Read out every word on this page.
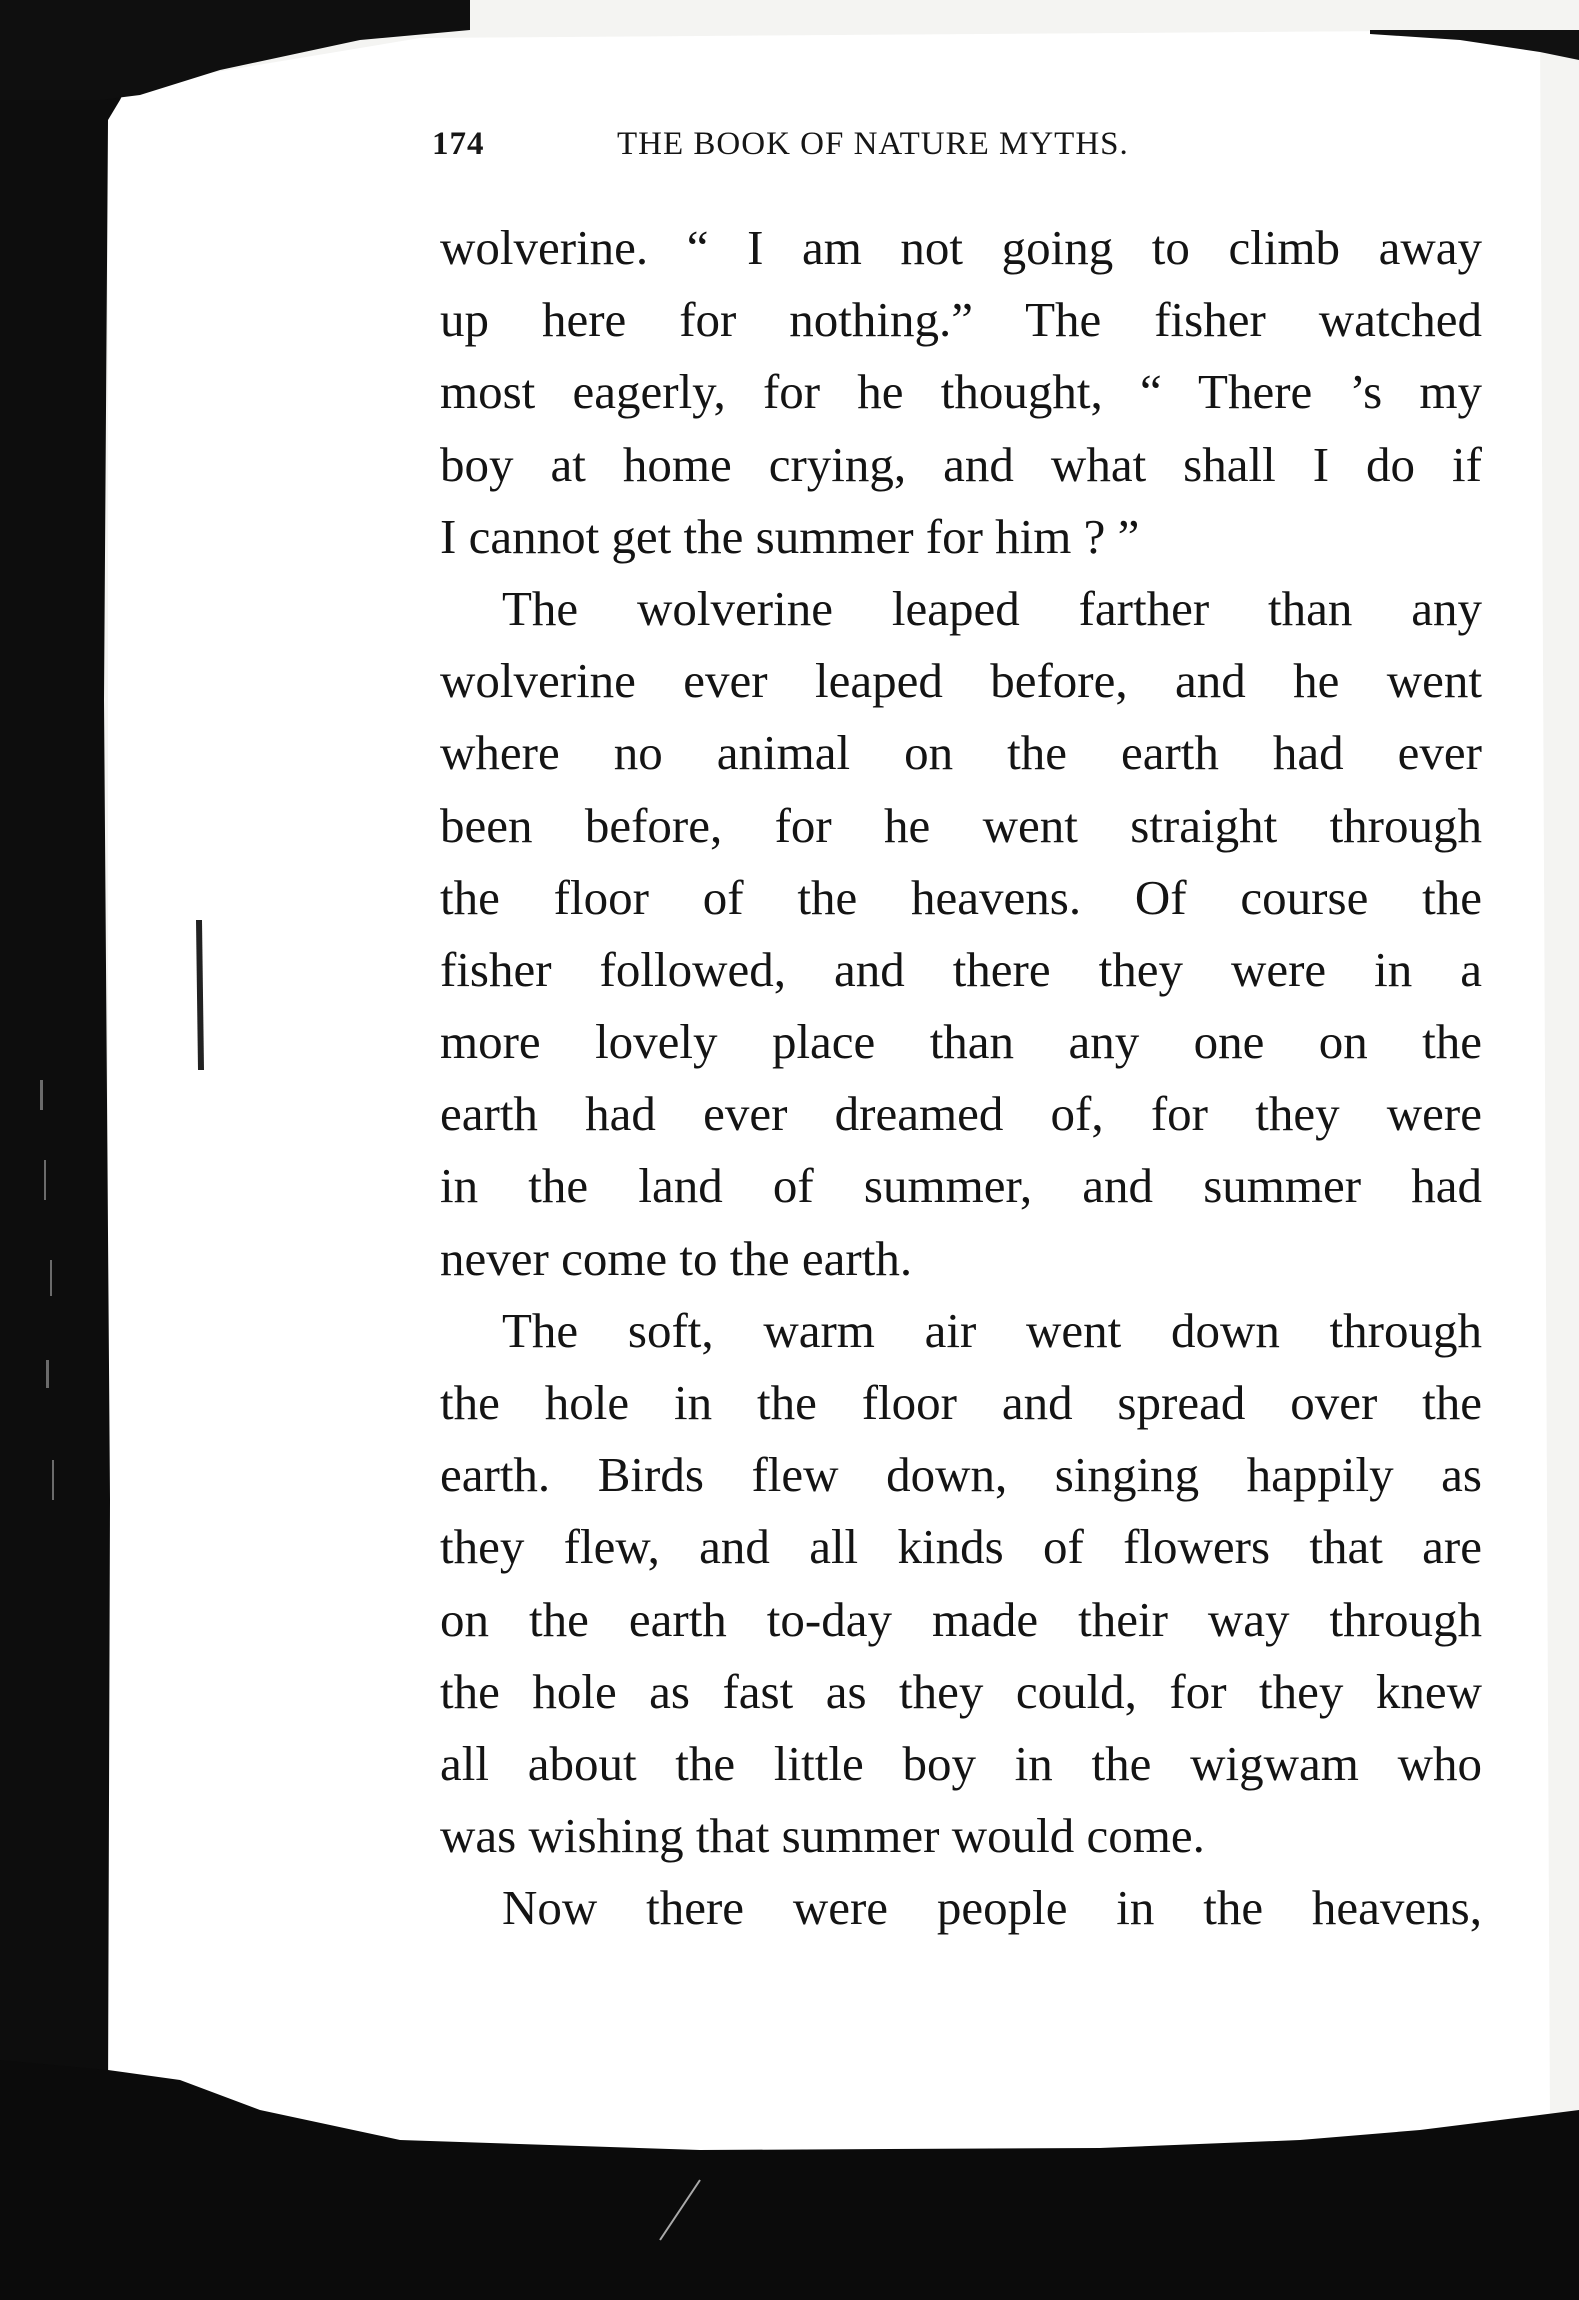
174	THE BOOK OF NATURE MYTHS.
wolverine. “ I am not going to climb away
up here for nothing.” The fisher watched
most eagerly, for he thought, “ There ’s my
boy at home crying, and what shall I do if
I cannot get the summer for him ? ”
The wolverine leaped farther than any
wolverine ever leaped before, and he went
where no animal on the earth had ever
been before, for he went straight through
the floor of the heavens. Of course the
fisher followed, and there they were in a
more lovely place than any one on the
earth had ever dreamed of, for they were
in the land of summer, and summer had
never come to the earth.
The soft, warm air went down through
the hole in the floor and spread over the
earth. Birds flew down, singing happily as
they flew, and all kinds of flowers that are
on the earth to-day made their way through
the hole as fast as they could, for they knew
all about the little boy in the wigwam who
was wishing that summer would come.
Now there were people in the heavens,
